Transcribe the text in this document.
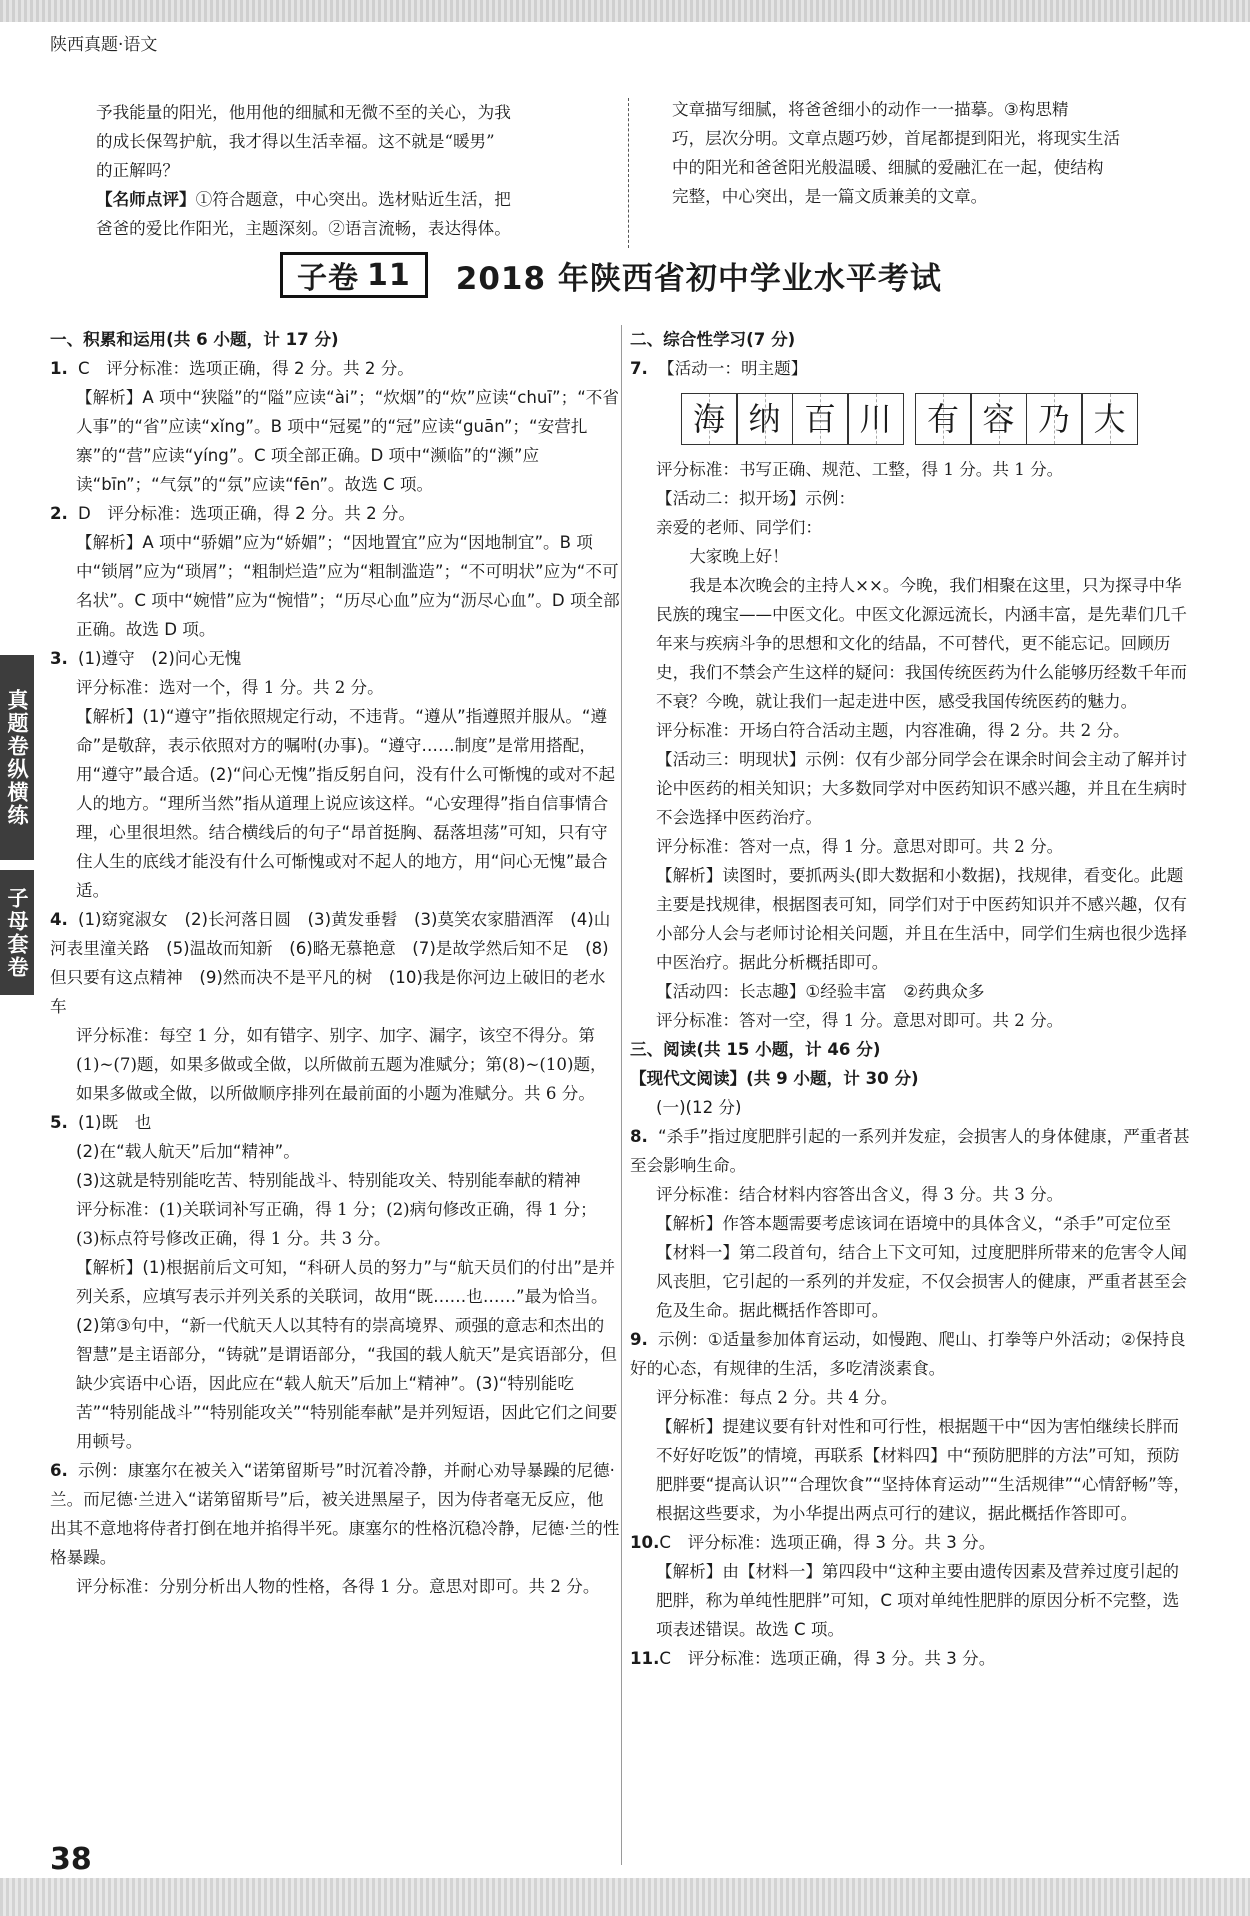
陕西真题·语文

予我能量的阳光，他用他的细腻和无微不至的关心，为我

的成长保驾护航，我才得以生活幸福。这不就是“暖男”

的正解吗？

【名师点评】①符合题意，中心突出。选材贴近生活，把

爸爸的爱比作阳光，主题深刻。②语言流畅，表达得体。

文章描写细腻，将爸爸细小的动作一一描摹。③构思精

巧，层次分明。文章点题巧妙，首尾都提到阳光，将现实生活

中的阳光和爸爸阳光般温暖、细腻的爱融汇在一起，使结构

完整，中心突出，是一篇文质兼美的文章。

子卷 11 2018 年陕西省初中学业水平考试
真题卷纵横练
子母套卷

一、积累和运用(共 6 小题，计 17 分)

1. C　评分标准：选项正确，得 2 分。共 2 分。

【解析】A 项中“狭隘”的“隘”应读“ài”；“炊烟”的“炊”应读“chuī”；“不省人事”的“省”应读“xǐng”。B 项中“冠冕”的“冠”应读“guān”；“安营扎寨”的“营”应读“yíng”。C 项全部正确。D 项中“濒临”的“濒”应读“bīn”；“气氛”的“氛”应读“fēn”。故选 C 项。

2. D　评分标准：选项正确，得 2 分。共 2 分。

【解析】A 项中“骄媚”应为“娇媚”；“因地置宜”应为“因地制宜”。B 项中“锁屑”应为“琐屑”；“粗制烂造”应为“粗制滥造”；“不可明状”应为“不可名状”。C 项中“婉惜”应为“惋惜”；“历尽心血”应为“沥尽心血”。D 项全部正确。故选 D 项。

3. (1)遵守　(2)问心无愧

评分标准：选对一个，得 1 分。共 2 分。

【解析】(1)“遵守”指依照规定行动，不违背。“遵从”指遵照并服从。“遵命”是敬辞，表示依照对方的嘱咐(办事)。“遵守……制度”是常用搭配，用“遵守”最合适。(2)“问心无愧”指反躬自问，没有什么可惭愧的或对不起人的地方。“理所当然”指从道理上说应该这样。“心安理得”指自信事情合理，心里很坦然。结合横线后的句子“昂首挺胸、磊落坦荡”可知，只有守住人生的底线才能没有什么可惭愧或对不起人的地方，用“问心无愧”最合适。

4. (1)窈窕淑女　(2)长河落日圆　(3)黄发垂髫　(3)莫笑农家腊酒浑　(4)山河表里潼关路　(5)温故而知新　(6)略无慕艳意　(7)是故学然后知不足　(8)但只要有这点精神　(9)然而决不是平凡的树　(10)我是你河边上破旧的老水车

评分标准：每空 1 分，如有错字、别字、加字、漏字，该空不得分。第(1)~(7)题，如果多做或全做，以所做前五题为准赋分；第(8)~(10)题，如果多做或全做，以所做顺序排列在最前面的小题为准赋分。共 6 分。

5. (1)既　也

(2)在“载人航天”后加“精神”。

(3)这就是特别能吃苦、特别能战斗、特别能攻关、特别能奉献的精神

评分标准：(1)关联词补写正确，得 1 分；(2)病句修改正确，得 1 分；(3)标点符号修改正确，得 1 分。共 3 分。

【解析】(1)根据前后文可知，“科研人员的努力”与“航天员们的付出”是并列关系，应填写表示并列关系的关联词，故用“既……也……”最为恰当。(2)第③句中，“新一代航天人以其特有的崇高境界、顽强的意志和杰出的智慧”是主语部分，“铸就”是谓语部分，“我国的载人航天”是宾语部分，但缺少宾语中心语，因此应在“载人航天”后加上“精神”。(3)“特别能吃苦”“特别能战斗”“特别能攻关”“特别能奉献”是并列短语，因此它们之间要用顿号。

6. 示例：康塞尔在被关入“诺第留斯号”时沉着冷静，并耐心劝导暴躁的尼德·兰。而尼德·兰进入“诺第留斯号”后，被关进黑屋子，因为侍者毫无反应，他出其不意地将侍者打倒在地并掐得半死。康塞尔的性格沉稳冷静，尼德·兰的性格暴躁。

评分标准：分别分析出人物的性格，各得 1 分。意思对即可。共 2 分。

二、综合性学习(7 分)

7. 【活动一：明主题】

海 纳 百 川 有 容 乃 大

评分标准：书写正确、规范、工整，得 1 分。共 1 分。

【活动二：拟开场】示例：

亲爱的老师、同学们：

大家晚上好！

我是本次晚会的主持人××。今晚，我们相聚在这里，只为探寻中华民族的瑰宝——中医文化。中医文化源远流长，内涵丰富，是先辈们几千年来与疾病斗争的思想和文化的结晶，不可替代，更不能忘记。回顾历史，我们不禁会产生这样的疑问：我国传统医药为什么能够历经数千年而不衰？今晚，就让我们一起走进中医，感受我国传统医药的魅力。

评分标准：开场白符合活动主题，内容准确，得 2 分。共 2 分。

【活动三：明现状】示例：仅有少部分同学会在课余时间会主动了解并讨论中医药的相关知识；大多数同学对中医药知识不感兴趣，并且在生病时不会选择中医药治疗。

评分标准：答对一点，得 1 分。意思对即可。共 2 分。

【解析】读图时，要抓两头(即大数据和小数据)，找规律，看变化。此题主要是找规律，根据图表可知，同学们对于中医药知识并不感兴趣，仅有小部分人会与老师讨论相关问题，并且在生活中，同学们生病也很少选择中医治疗。据此分析概括即可。

【活动四：长志趣】①经验丰富　②药典众多

评分标准：答对一空，得 1 分。意思对即可。共 2 分。

三、阅读(共 15 小题，计 46 分)

【现代文阅读】(共 9 小题，计 30 分)

(一)(12 分)

8. “杀手”指过度肥胖引起的一系列并发症，会损害人的身体健康，严重者甚至会影响生命。

评分标准：结合材料内容答出含义，得 3 分。共 3 分。

【解析】作答本题需要考虑该词在语境中的具体含义，“杀手”可定位至【材料一】第二段首句，结合上下文可知，过度肥胖所带来的危害令人闻风丧胆，它引起的一系列的并发症，不仅会损害人的健康，严重者甚至会危及生命。据此概括作答即可。

9. 示例：①适量参加体育运动，如慢跑、爬山、打拳等户外活动；②保持良好的心态，有规律的生活，多吃清淡素食。

评分标准：每点 2 分。共 4 分。

【解析】提建议要有针对性和可行性，根据题干中“因为害怕继续长胖而不好好吃饭”的情境，再联系【材料四】中“预防肥胖的方法”可知，预防肥胖要“提高认识”“合理饮食”“坚持体育运动”“生活规律”“心情舒畅”等，根据这些要求，为小华提出两点可行的建议，据此概括作答即可。

10.C　评分标准：选项正确，得 3 分。共 3 分。

【解析】由【材料一】第四段中“这种主要由遗传因素及营养过度引起的肥胖，称为单纯性肥胖”可知，C 项对单纯性肥胖的原因分析不完整，选项表述错误。故选 C 项。

11.C　评分标准：选项正确，得 3 分。共 3 分。

38
